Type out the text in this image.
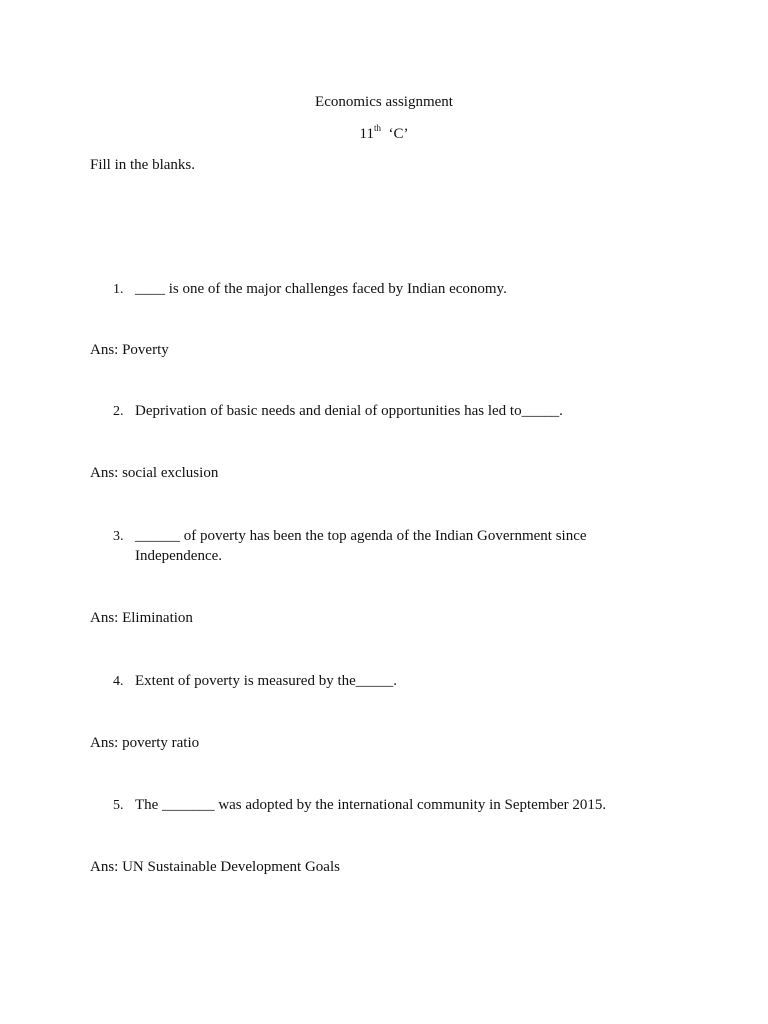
Economics assignment
11th ‘C’
Fill in the blanks.
1. ____ is one of the major challenges faced by Indian economy.
Ans: Poverty
2. Deprivation of basic needs and denial of opportunities has led to_____.
Ans: social exclusion
3. ______ of poverty has been the top agenda of the Indian Government since Independence.
Ans: Elimination
4. Extent of poverty is measured by the_____.
Ans: poverty ratio
5. The _______ was adopted by the international community in September 2015.
Ans: UN Sustainable Development Goals
